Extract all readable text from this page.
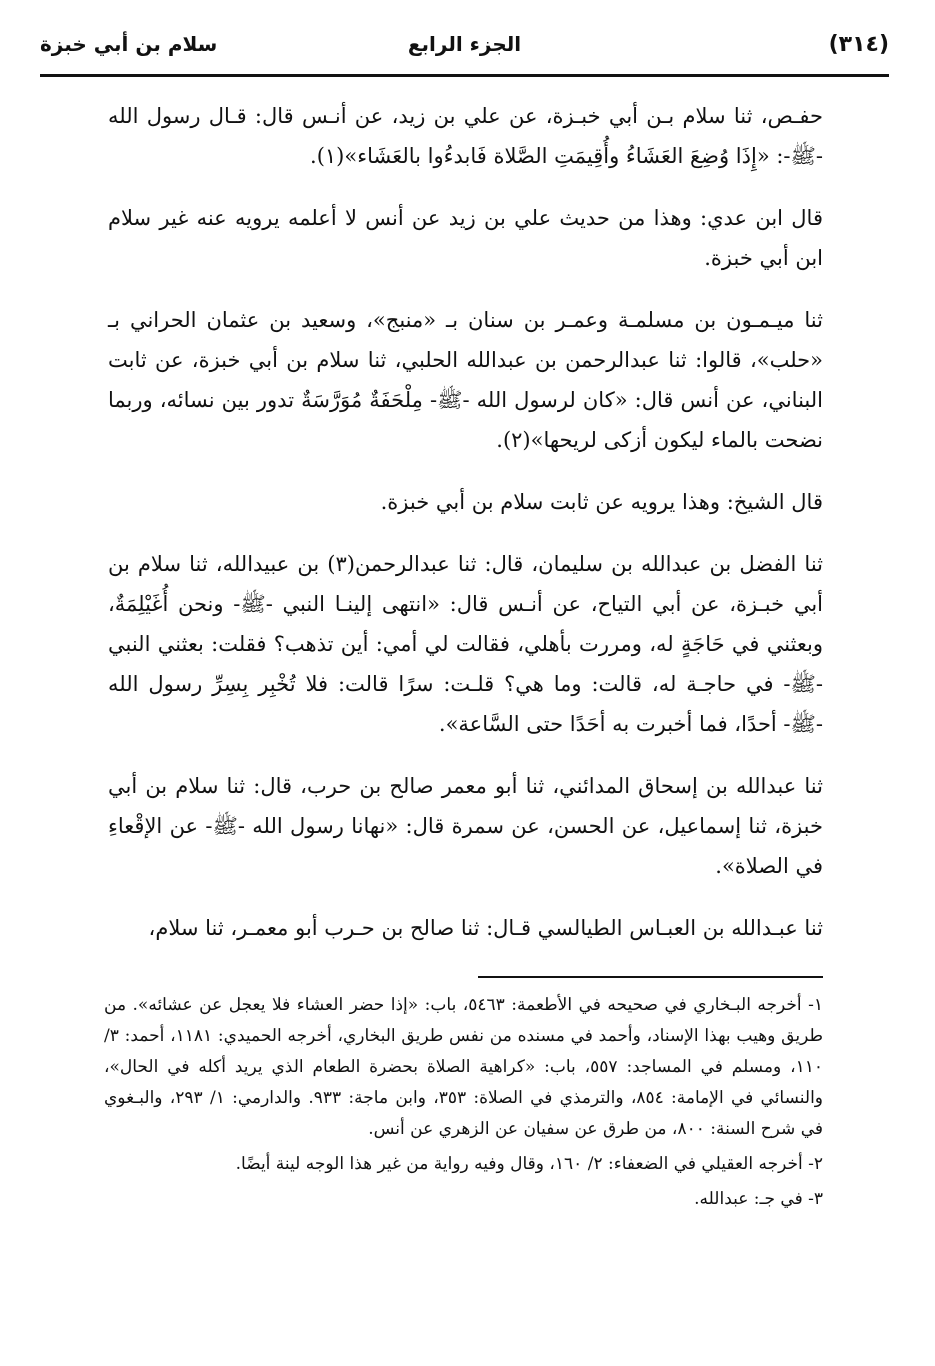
(٣١٤)
الجزء الرابع
سلام بن أبي خبزة

حفـص، ثنا سلام بـن أبي خبـزة، عن علي بن زيد، عن أنـس قال: قـال رسول الله -ﷺ-: «إِذَا وُضِعَ العَشَاءُ وأُقِيمَتِ الصَّلاة فَابدءُوا بالعَشَاء»(١).

قال ابن عدي: وهذا من حديث علي بن زيد عن أنس لا أعلمه يرويه عنه غير سلام ابن أبي خبزة.

ثنا ميـمـون بن مسلمـة وعمـر بن سنان بـ «منبج»، وسعيد بن عثمان الحراني بـ «حلب»، قالوا: ثنا عبدالرحمن بن عبدالله الحلبي، ثنا سلام بن أبي خبزة، عن ثابت البناني، عن أنس قال: «كان لرسول الله -ﷺ- مِلْحَفَةٌ مُوَرَّسَةٌ تدور بين نسائه، وربما نضحت بالماء ليكون أزكى لريحها»(٢).

قال الشيخ: وهذا يرويه عن ثابت سلام بن أبي خبزة.

ثنا الفضل بن عبدالله بن سليمان، قال: ثنا عبدالرحمن(٣) بن عبيدالله، ثنا سلام بن أبي خبـزة، عن أبي التياح، عن أنـس قال: «انتهى إلينـا النبي -ﷺ- ونحن أُغَيْلِمَةٌ، وبعثني في حَاجَةٍ له، ومررت بأهلي، فقالت لي أمي: أين تذهب؟ فقلت: بعثني النبي -ﷺ- في حاجـة له، قالت: وما هي؟ قلـت: سرًا قالت: فلا تُخْبِر بِسِرِّ رسول الله -ﷺ- أحدًا، فما أخبرت به أحَدًا حتى السَّاعة».

ثنا عبدالله بن إسحاق المدائني، ثنا أبو معمر صالح بن حرب، قال: ثنا سلام بن أبي خبزة، ثنا إسماعيل، عن الحسن، عن سمرة قال: «نهانا رسول الله -ﷺ- عن الإقْعاءِ في الصلاة».

ثنا عبـدالله بن العبـاس الطيالسي قـال: ثنا صالح بن حـرب أبو معمـر، ثنا سلام،

١- أخرجه البـخاري في صحيحه في الأطعمة: ٥٤٦٣، باب: «إذا حضر العشاء فلا يعجل عن عشائه». من طريق وهيب بهذا الإسناد، وأحمد في مسنده من نفس طريق البخاري، أخرجه الحميدي: ١١٨١، أحمد: ٣/ ١١٠، ومسلم في المساجد: ٥٥٧، باب: «كراهية الصلاة بحضرة الطعام الذي يريد أكله في الحال»، والنسائي في الإمامة: ٨٥٤، والترمذي في الصلاة: ٣٥٣، وابن ماجة: ٩٣٣. والدارمي: ١/ ٢٩٣، والبـغوي في شرح السنة: ٨٠٠، من طرق عن سفيان عن الزهري عن أنس.

٢- أخرجه العقيلي في الضعفاء: ٢/ ١٦٠، وقال وفيه رواية من غير هذا الوجه لينة أيضًا.

٣- في جـ: عبدالله.
